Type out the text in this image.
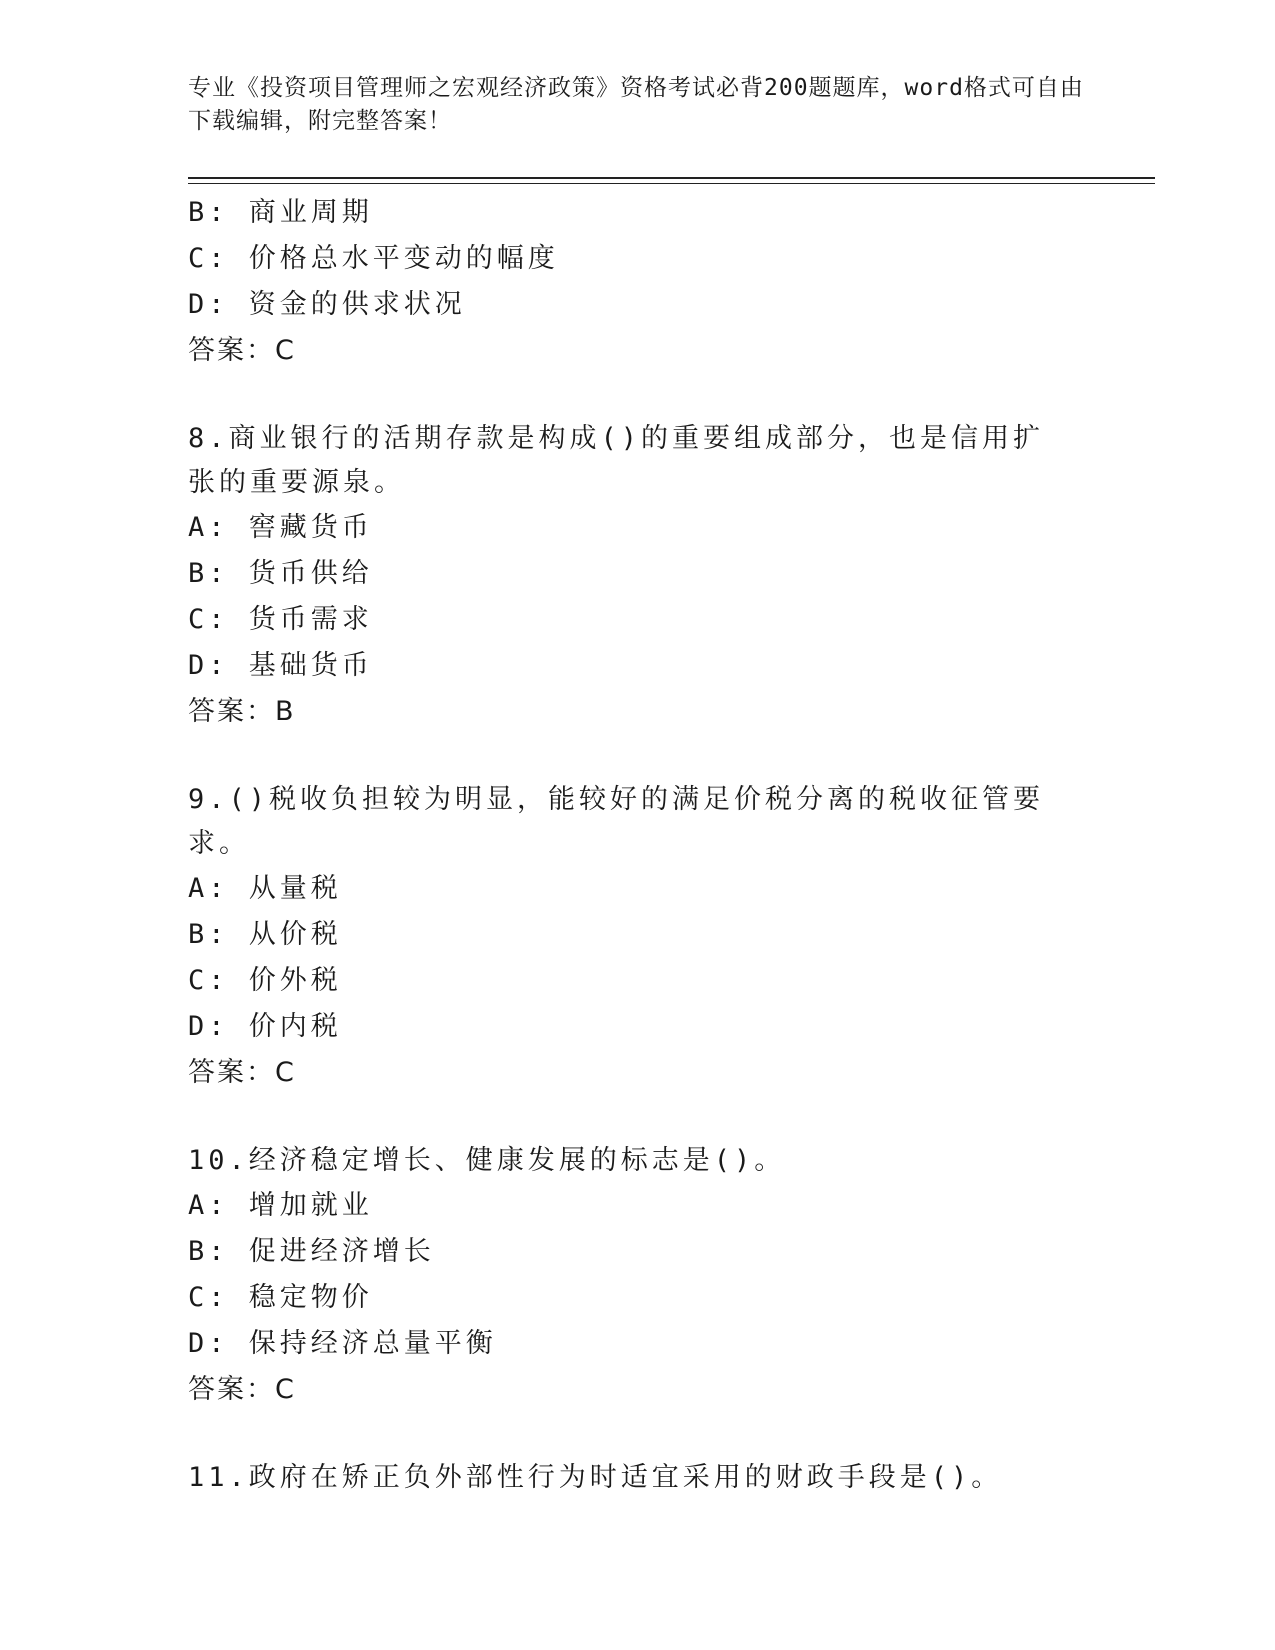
专业《投资项目管理师之宏观经济政策》资格考试必背200题题库，word格式可自由下载编辑，附完整答案！
B: 商业周期
C: 价格总水平变动的幅度
D: 资金的供求状况
答案：C
8.商业银行的活期存款是构成()的重要组成部分，也是信用扩张的重要源泉。
A: 窖藏货币
B: 货币供给
C: 货币需求
D: 基础货币
答案：B
9.()税收负担较为明显，能较好的满足价税分离的税收征管要求。
A: 从量税
B: 从价税
C: 价外税
D: 价内税
答案：C
10.经济稳定增长、健康发展的标志是()。
A: 增加就业
B: 促进经济增长
C: 稳定物价
D: 保持经济总量平衡
答案：C
11.政府在矫正负外部性行为时适宜采用的财政手段是()。
